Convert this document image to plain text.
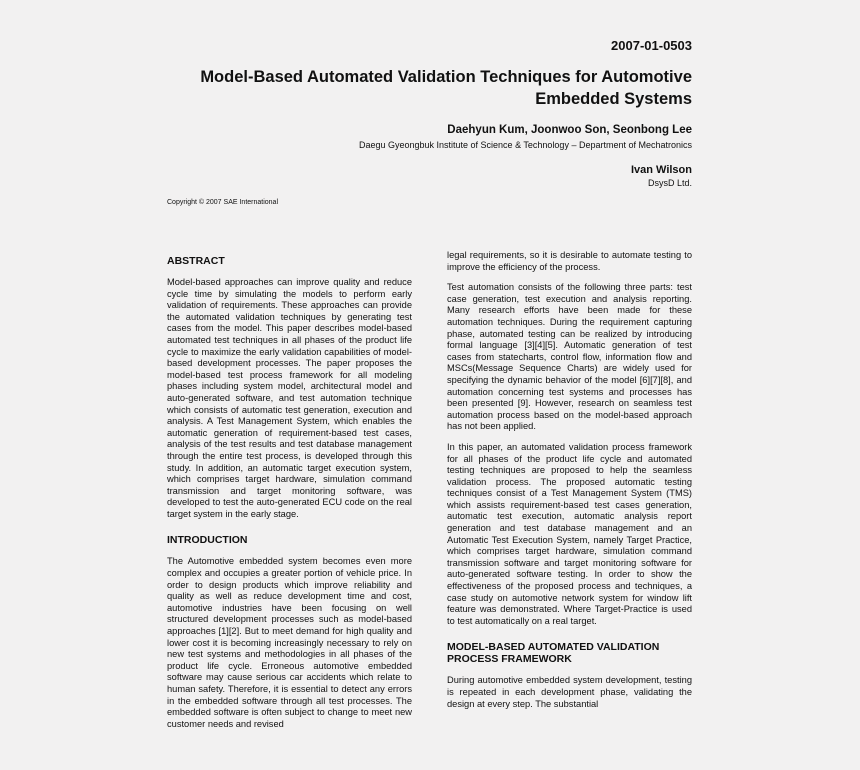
2007-01-0503
Model-Based Automated Validation Techniques for Automotive Embedded Systems
Daehyun Kum, Joonwoo Son, Seonbong Lee
Daegu Gyeongbuk Institute of Science & Technology – Department of Mechatronics
Ivan Wilson
DsysD Ltd.
Copyright © 2007 SAE International
ABSTRACT

Model-based approaches can improve quality and reduce cycle time by simulating the models to perform early validation of requirements. These approaches can provide the automated validation techniques by generating test cases from the model. This paper describes model-based automated test techniques in all phases of the product life cycle to maximize the early validation capabilities of model-based development processes. The paper proposes the model-based test process framework for all modeling phases including system model, architectural model and auto-generated software, and test automation technique which consists of automatic test generation, execution and analysis. A Test Management System, which enables the automatic generation of requirement-based test cases, analysis of the test results and test database management through the entire test process, is developed through this study. In addition, an automatic target execution system, which comprises target hardware, simulation command transmission and target monitoring software, was developed to test the auto-generated ECU code on the real target system in the early stage.

INTRODUCTION

The Automotive embedded system becomes even more complex and occupies a greater portion of vehicle price. In order to design products which improve reliability and quality as well as reduce development time and cost, automotive industries have been focusing on well structured development processes such as model-based approaches [1][2]. But to meet demand for high quality and lower cost it is becoming increasingly necessary to rely on new test systems and methodologies in all phases of the product life cycle. Erroneous automotive embedded software may cause serious car accidents which relate to human safety. Therefore, it is essential to detect any errors in the embedded software through all test processes. The embedded software is often subject to change to meet new customer needs and revised

legal requirements, so it is desirable to automate testing to improve the efficiency of the process.

Test automation consists of the following three parts: test case generation, test execution and analysis reporting. Many research efforts have been made for these automation techniques. During the requirement capturing phase, automated testing can be realized by introducing formal language [3][4][5]. Automatic generation of test cases from statecharts, control flow, information flow and MSCs(Message Sequence Charts) are widely used for specifying the dynamic behavior of the model [6][7][8], and automation concerning test systems and processes has been presented [9]. However, research on seamless test automation process based on the model-based approach has not been applied.

In this paper, an automated validation process framework for all phases of the product life cycle and automated testing techniques are proposed to help the seamless validation process. The proposed automatic testing techniques consist of a Test Management System (TMS) which assists requirement-based test cases generation, automatic test execution, automatic analysis report generation and test database management and an Automatic Test Execution System, namely Target Practice, which comprises target hardware, simulation command transmission software and target monitoring software for auto-generated software testing. In order to show the effectiveness of the proposed process and techniques, a case study on automotive network system for window lift feature was demonstrated. Where Target-Practice is used to test automatically on a real target.

MODEL-BASED AUTOMATED VALIDATION PROCESS FRAMEWORK

During automotive embedded system development, testing is repeated in each development phase, validating the design at every step. The substantial
